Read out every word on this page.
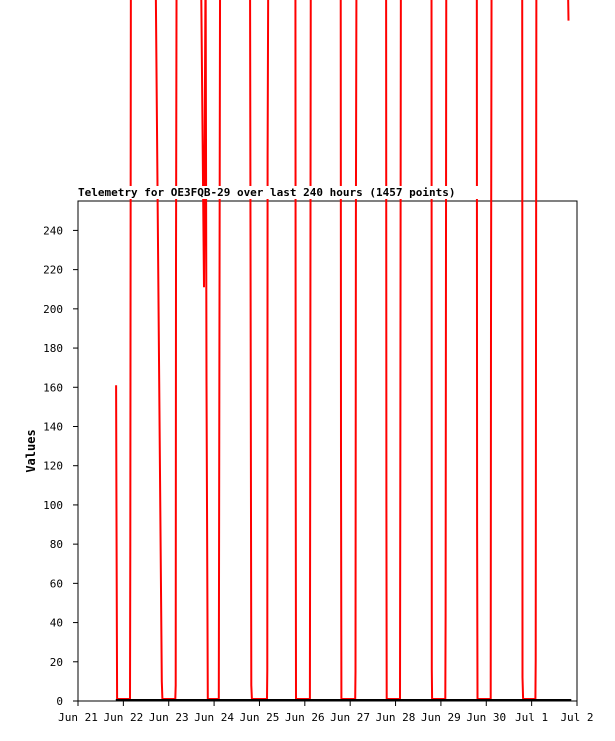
0
20
40
60
80
100
120
140
160
180
200
220
240
Jun 21 Jun 22 Jun 23 Jun 24 Jun 25 Jun 26 Jun 27 Jun 28 Jun 29 Jun 30 Jul 1 Jul 2
Telemetry for OE3FQB-29 over last 240 hours (1457 points)
Values
